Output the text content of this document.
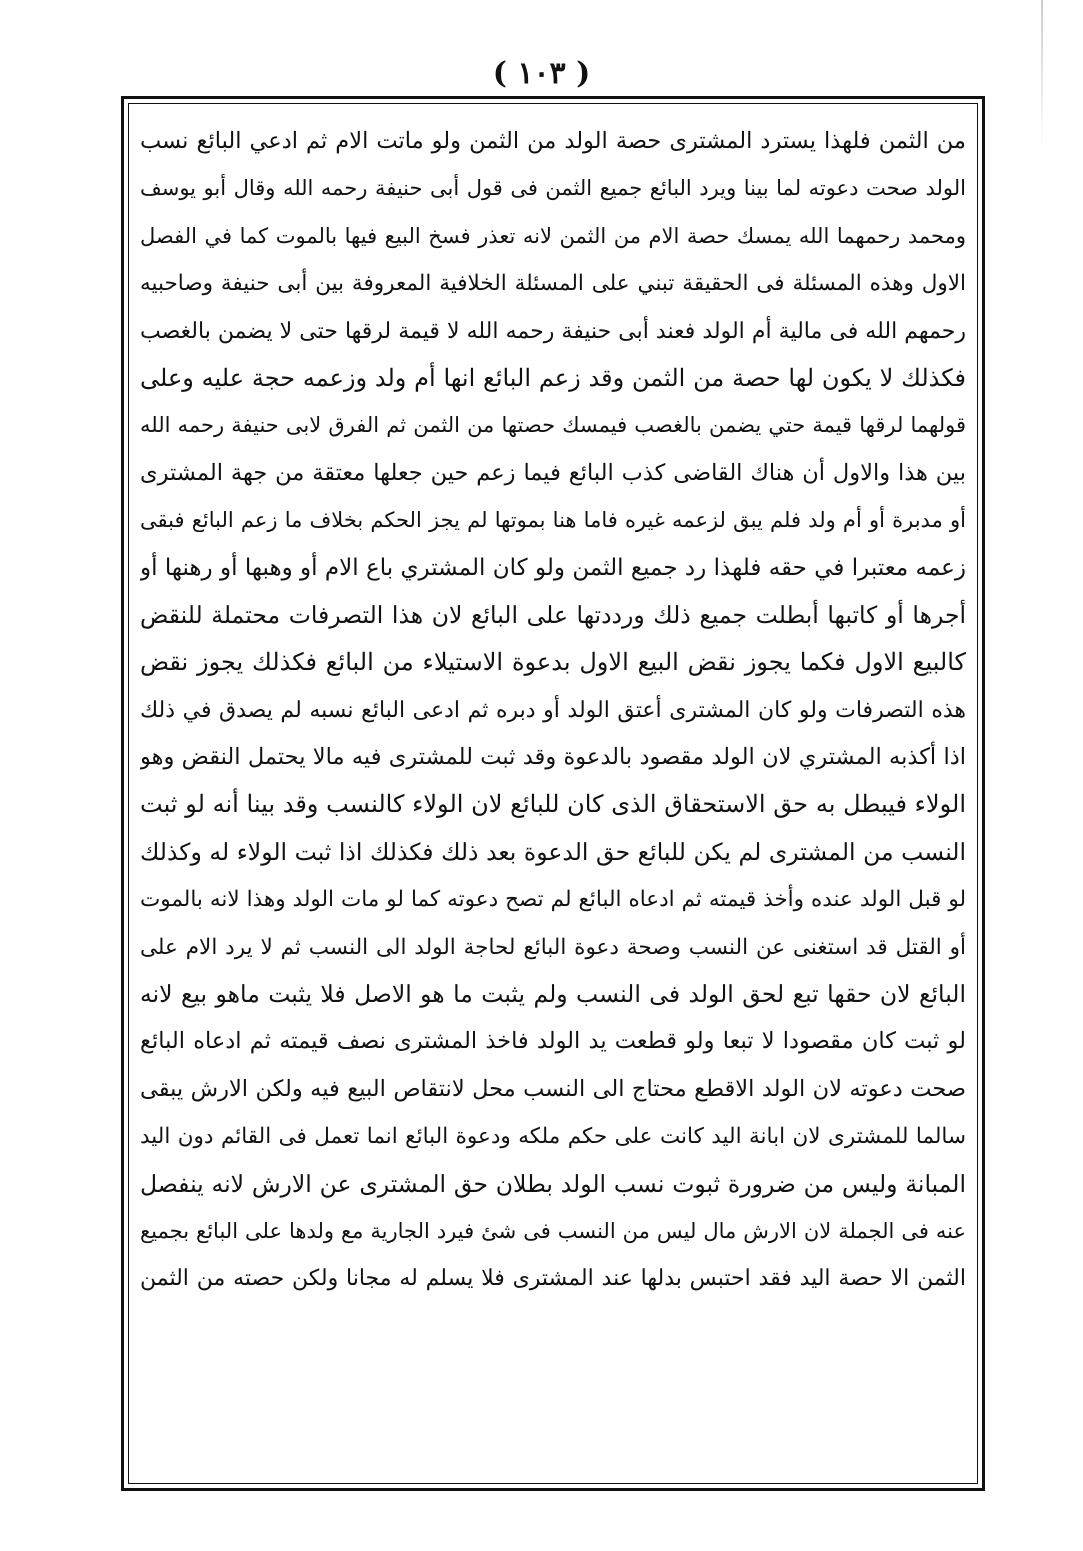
( ١٠٣ )
من الثمن فلهذا يسترد المشترى حصة الولد من الثمن ولو ماتت الام ثم ادعي البائع نسب
الولد صحت دعوته لما بينا ويرد البائع جميع الثمن فى قول أبى حنيفة رحمه الله وقال أبو يوسف
ومحمد رحمهما الله يمسك حصة الام من الثمن لانه تعذر فسخ البيع فيها بالموت كما في الفصل
الاول وهذه المسئلة فى الحقيقة تبني على المسئلة الخلافية المعروفة بين أبى حنيفة وصاحبيه
رحمهم الله فى مالية أم الولد فعند أبى حنيفة رحمه الله لا قيمة لرقها حتى لا يضمن بالغصب
فكذلك لا يكون لها حصة من الثمن وقد زعم البائع انها أم ولد وزعمه حجة عليه وعلى
قولهما لرقها قيمة حتي يضمن بالغصب فيمسك حصتها من الثمن ثم الفرق لابى حنيفة رحمه الله
بين هذا والاول أن هناك القاضى كذب البائع فيما زعم حين جعلها معتقة من جهة المشترى
أو مدبرة أو أم ولد فلم يبق لزعمه غيره فاما هنا بموتها لم يجز الحكم بخلاف ما زعم البائع فبقى
زعمه معتبرا في حقه فلهذا رد جميع الثمن ولو كان المشتري باع الام أو وهبها أو رهنها أو
أجرها أو كاتبها أبطلت جميع ذلك ورددتها على البائع لان هذا التصرفات محتملة للنقض
كالبيع الاول فكما يجوز نقض البيع الاول بدعوة الاستيلاء من البائع فكذلك يجوز نقض
هذه التصرفات ولو كان المشترى أعتق الولد أو دبره ثم ادعى البائع نسبه لم يصدق في ذلك
اذا أكذبه المشتري لان الولد مقصود بالدعوة وقد ثبت للمشترى فيه مالا يحتمل النقض وهو
الولاء فيبطل به حق الاستحقاق الذى كان للبائع لان الولاء كالنسب وقد بينا أنه لو ثبت
النسب من المشترى لم يكن للبائع حق الدعوة بعد ذلك فكذلك اذا ثبت الولاء له وكذلك
لو قبل الولد عنده وأخذ قيمته ثم ادعاه البائع لم تصح دعوته كما لو مات الولد وهذا لانه بالموت
أو القتل قد استغنى عن النسب وصحة دعوة البائع لحاجة الولد الى النسب ثم لا يرد الام على
البائع لان حقها تبع لحق الولد فى النسب ولم يثبت ما هو الاصل فلا يثبت ماهو بيع لانه
لو ثبت كان مقصودا لا تبعا ولو قطعت يد الولد فاخذ المشترى نصف قيمته ثم ادعاه البائع
صحت دعوته لان الولد الاقطع محتاج الى النسب محل لانتقاص البيع فيه ولكن الارش يبقى
سالما للمشترى لان ابانة اليد كانت على حكم ملكه ودعوة البائع انما تعمل فى القائم دون اليد
المبانة وليس من ضرورة ثبوت نسب الولد بطلان حق المشترى عن الارش لانه ينفصل
عنه فى الجملة لان الارش مال ليس من النسب فى شئ فيرد الجارية مع ولدها على البائع بجميع
الثمن الا حصة اليد فقد احتبس بدلها عند المشترى فلا يسلم له مجانا ولكن حصته من الثمن
